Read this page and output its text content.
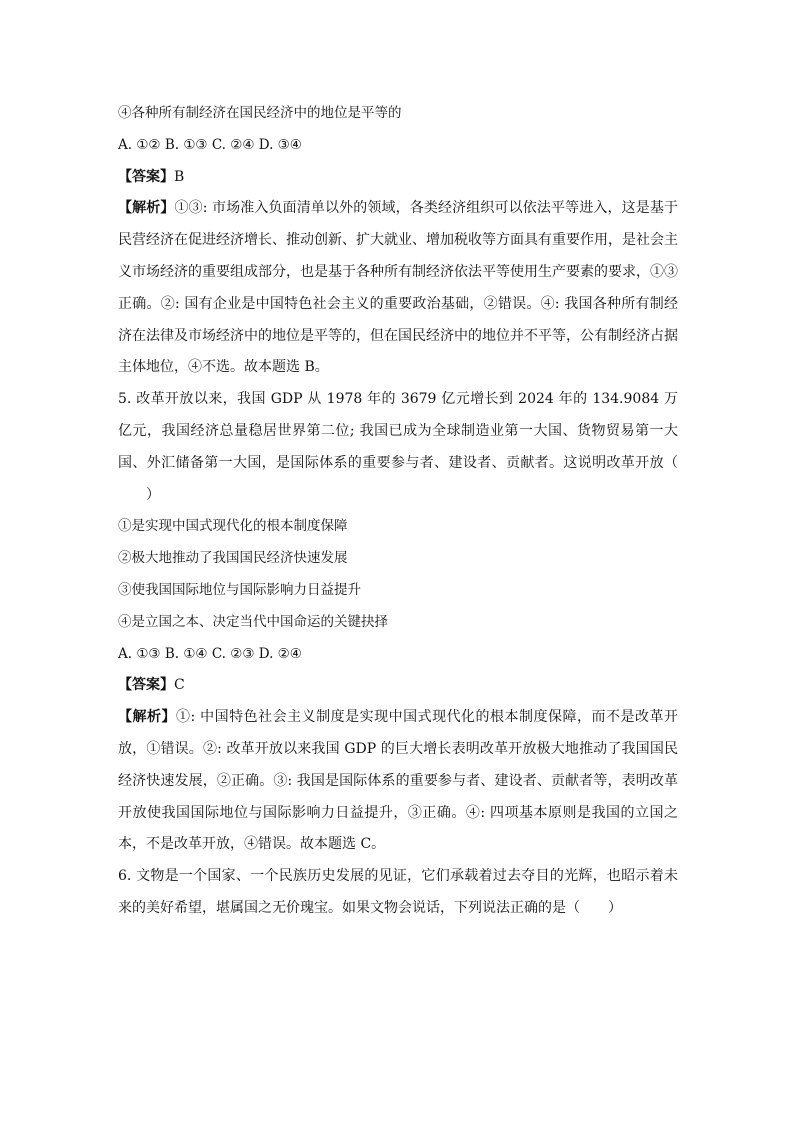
④各种所有制经济在国民经济中的地位是平等的

A. ①② B. ①③ C. ②④ D. ③④

【答案】B

【解析】①③: 市场准入负面清单以外的领域，各类经济组织可以依法平等进入，这是基于民营经济在促进经济增长、推动创新、扩大就业、增加税收等方面具有重要作用，是社会主义市场经济的重要组成部分，也是基于各种所有制经济依法平等使用生产要素的要求，①③正确。②: 国有企业是中国特色社会主义的重要政治基础，②错误。④: 我国各种所有制经济在法律及市场经济中的地位是平等的，但在国民经济中的地位并不平等，公有制经济占据主体地位，④不选。故本题选 B。

5. 改革开放以来，我国 GDP 从 1978 年的 3679 亿元增长到 2024 年的 134.9084 万亿元，我国经济总量稳居世界第二位; 我国已成为全球制造业第一大国、货物贸易第一大国、外汇储备第一大国，是国际体系的重要参与者、建设者、贡献者。这说明改革开放（）

①是实现中国式现代化的根本制度保障

②极大地推动了我国国民经济快速发展

③使我国国际地位与国际影响力日益提升

④是立国之本、决定当代中国命运的关键抉择

A. ①③ B. ①④ C. ②③ D. ②④

【答案】C

【解析】①: 中国特色社会主义制度是实现中国式现代化的根本制度保障，而不是改革开放，①错误。②: 改革开放以来我国 GDP 的巨大增长表明改革开放极大地推动了我国国民经济快速发展，②正确。③: 我国是国际体系的重要参与者、建设者、贡献者等，表明改革开放使我国国际地位与国际影响力日益提升，③正确。④: 四项基本原则是我国的立国之本，不是改革开放，④错误。故本题选 C。

6. 文物是一个国家、一个民族历史发展的见证，它们承载着过去夺目的光辉，也昭示着未来的美好希望，堪属国之无价瑰宝。如果文物会说话，下列说法正确的是（ ）
